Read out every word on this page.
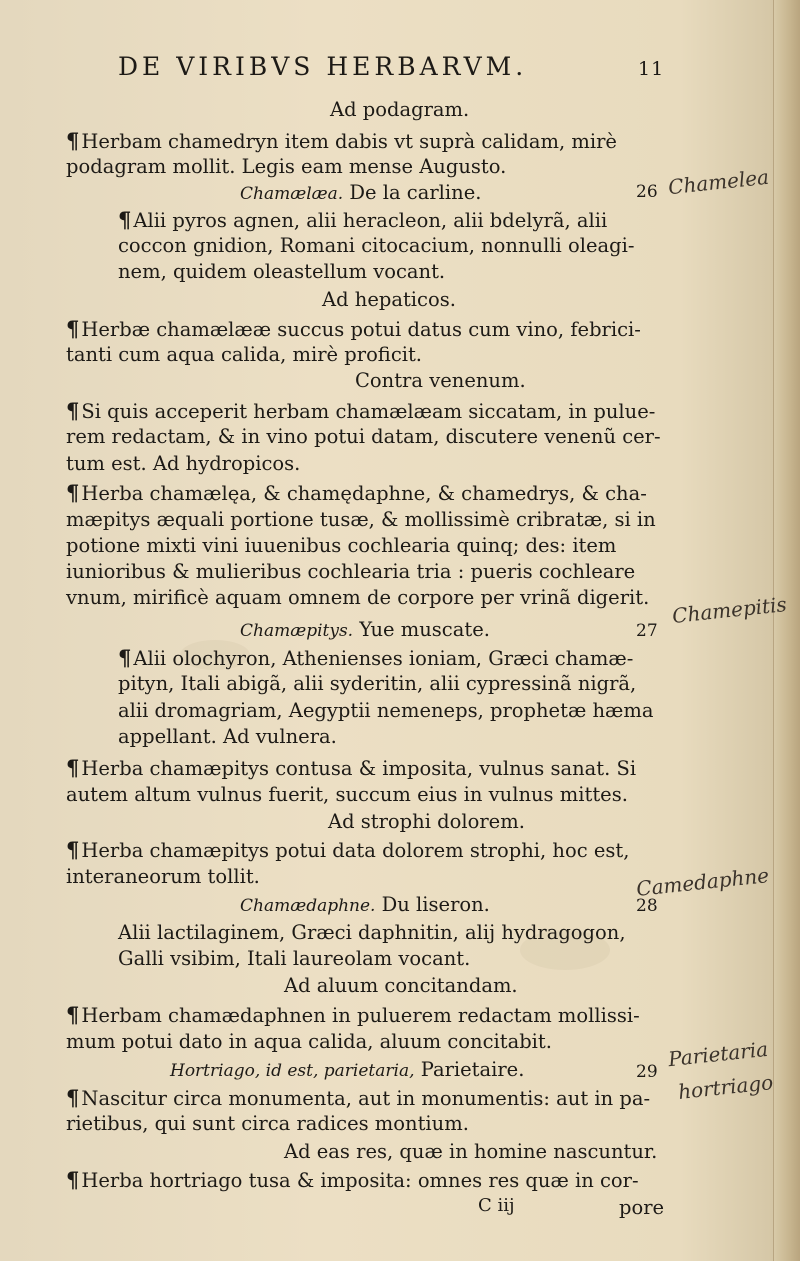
DE VIRIBVS HERBARVM.	11
Ad podagram.
¶ Herbam chamedryn item dabis vt suprà calidam, mirè
podagram mollit. Legis eam mense Augusto.
Chamælæa. De la carline.
¶ Alii pyros agnen, alii heracleon, alii bdelyrã, alii
coccon gnidion, Romani citocacium, nonnulli oleagi-
nem, quidem oleastellum vocant.
Ad hepaticos.
¶ Herbæ chamælææ succus potui datus cum vino, febrici-
tanti cum aqua calida, mirè proficit.
Contra venenum.
¶ Si quis acceperit herbam chamælæam siccatam, in pulue-
rem redactam, & in vino potui datam, discutere venenũ cer-
tum est. Ad hydropicos.
¶ Herba chamælęa, & chamędaphne, & chamedrys, & cha-
mæpitys æquali portione tusæ, & mollissimè cribratæ, si in
potione mixti vini iuuenibus cochlearia quinq; des: item
iunioribus & mulieribus cochlearia tria : pueris cochleare
vnum, mirificè aquam omnem de corpore per vrinã digerit.
Chamæpitys. Yue muscate.
¶ Alii olochyron, Athenienses ioniam, Græci chamæ-
pityn, Itali abigã, alii syderitin, alii cypressinã nigrã,
alii dromagriam, Aegyptii nemeneps, prophetæ hæma
appellant. Ad vulnera.
¶ Herba chamæpitys contusa & imposita, vulnus sanat. Si
autem altum vulnus fuerit, succum eius in vulnus mittes.
Ad strophi dolorem.
¶ Herba chamæpitys potui data dolorem strophi, hoc est,
interaneorum tollit.
Chamædaphne. Du liseron.
Alii lactilaginem, Græci daphnitin, alij hydragogon,
Galli vsibim, Itali laureolam vocant.
Ad aluum concitandam.
¶ Herbam chamædaphnen in puluerem redactam mollissi-
mum potui dato in aqua calida, aluum concitabit.
Hortriago, id est, parietaria, Parietaire.
¶ Nascitur circa monumenta, aut in monumentis: aut in pa-
rietibus, qui sunt circa radices montium.
Ad eas res, quæ in homine nascuntur.
¶ Herba hortriago tusa & imposita: omnes res quæ in cor-
26
27
28
29
Chamelea
Chamepitis
Camedaphne
Parietaria
hortriago
C iij	pore
